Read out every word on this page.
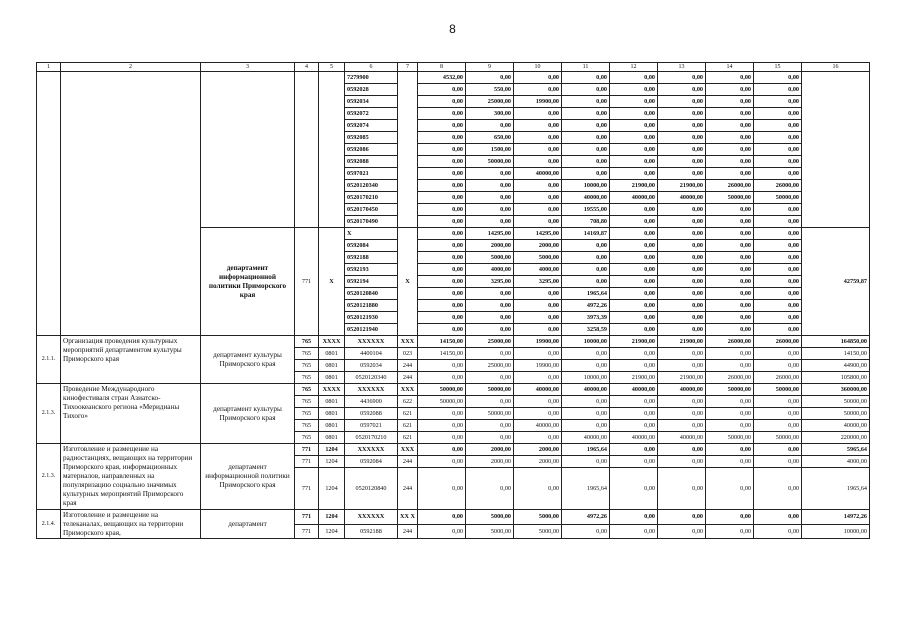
8
1	2	3	4	5	6	7	8	9	10	11	12	13	14	15	16
					7279900		4532,00	0,00	0,00	0,00	0,00	0,00	0,00	0,00	
					0592028		0,00	550,00	0,00	0,00	0,00	0,00	0,00	0,00	
					0592034		0,00	25000,00	19900,00	0,00	0,00	0,00	0,00	0,00	
					0592072		0,00	300,00	0,00	0,00	0,00	0,00	0,00	0,00	
					0592074		0,00	0,00	0,00	0,00	0,00	0,00	0,00	0,00	
					0592085		0,00	650,00	0,00	0,00	0,00	0,00	0,00	0,00	
					0592086		0,00	1500,00	0,00	0,00	0,00	0,00	0,00	0,00	
					0592088		0,00	50000,00	0,00	0,00	0,00	0,00	0,00	0,00	
					0597021		0,00	0,00	40000,00	0,00	0,00	0,00	0,00	0,00	
					0520120340		0,00	0,00	0,00	10000,00	21900,00	21900,00	26000,00	26000,00	
					0520170210		0,00	0,00	0,00	40000,00	40000,00	40000,00	50000,00	50000,00	
					0520170450		0,00	0,00	0,00	19555,00	0,00	0,00	0,00	0,00	
					0520170490		0,00	0,00	0,00	708,80	0,00	0,00	0,00	0,00	
		департамент информационной политики Приморского края	771	X	X	X	0,00	14295,00	14295,00	14169,87	0,00	0,00	0,00	0,00	42759,87
					0592084		0,00	2000,00	2000,00	0,00	0,00	0,00	0,00	0,00	
					0592188		0,00	5000,00	5000,00	0,00	0,00	0,00	0,00	0,00	
					0592193		0,00	4000,00	4000,00	0,00	0,00	0,00	0,00	0,00	
					0592194		0,00	3295,00	3295,00	0,00	0,00	0,00	0,00	0,00	
					0520120840		0,00	0,00	0,00	1965,64	0,00	0,00	0,00	0,00	
					0520121880		0,00	0,00	0,00	4972,26	0,00	0,00	0,00	0,00	
					0520121930		0,00	0,00	0,00	3973,39	0,00	0,00	0,00	0,00	
					0520121940		0,00	0,00	0,00	3258,59	0,00	0,00	0,00	0,00	
2.1.1.	Организация проведения культурных мероприятий департаментом культуры Приморского края	департамент культуры Приморского края	765	XXXX	XXXXXX	XXX	14150,00	25000,00	19900,00	10000,00	21900,00	21900,00	26000,00	26000,00	164850,00
			765	0801	4400104	023	14150,00	0,00	0,00	0,00	0,00	0,00	0,00	0,00	14150,00
			765	0801	0592034	244	0,00	25000,00	19900,00	0,00	0,00	0,00	0,00	0,00	44900,00
			765	0801	0520120340	244	0,00	0,00	0,00	10000,00	21900,00	21900,00	26000,00	26000,00	105800,00
2.1.3.	Проведение Международного кинофестиваля стран Азиатско-Тихоокеанского региона «Меридианы Тихого»	департамент культуры Приморского края	765	XXXX	XXXXXX	XXX	50000,00	50000,00	40000,00	40000,00	40000,00	40000,00	50000,00	50000,00	360000,00
			765	0801	4436900	622	50000,00	0,00	0,00	0,00	0,00	0,00	0,00	0,00	50000,00
			765	0801	0592088	621	0,00	50000,00	0,00	0,00	0,00	0,00	0,00	0,00	50000,00
			765	0801	0597021	621	0,00	0,00	40000,00	0,00	0,00	0,00	0,00	0,00	40000,00
			765	0801	0520170210	621	0,00	0,00	0,00	40000,00	40000,00	40000,00	50000,00	50000,00	220000,00
2.1.3.	Изготовление и размещение на радиостанциях, вещающих на территории Приморского края, информационных материалов, направленных на популяризацию социально значимых культурных мероприятий Приморского края	департамент информационной политики Приморского края	771	1204	XXXXXX	XXX	0,00	2000,00	2000,00	1965,64	0,00	0,00	0,00	0,00	5965,64
			771	1204	0592084	244	0,00	2000,00	2000,00	0,00	0,00	0,00	0,00	0,00	4000,00
			771	1204	0520120840	244	0,00	0,00	0,00	1965,64	0,00	0,00	0,00	0,00	1965,64
2.1.4.	Изготовление и размещение на телеканалах, вещающих на территории Приморского края,	департамент	771	1204	XXXXXX	XX X	0,00	5000,00	5000,00	4972,26	0,00	0,00	0,00	0,00	14972,26
			771	1204	0592188	244	0,00	5000,00	5000,00	0,00	0,00	0,00	0,00	0,00	10000,00
